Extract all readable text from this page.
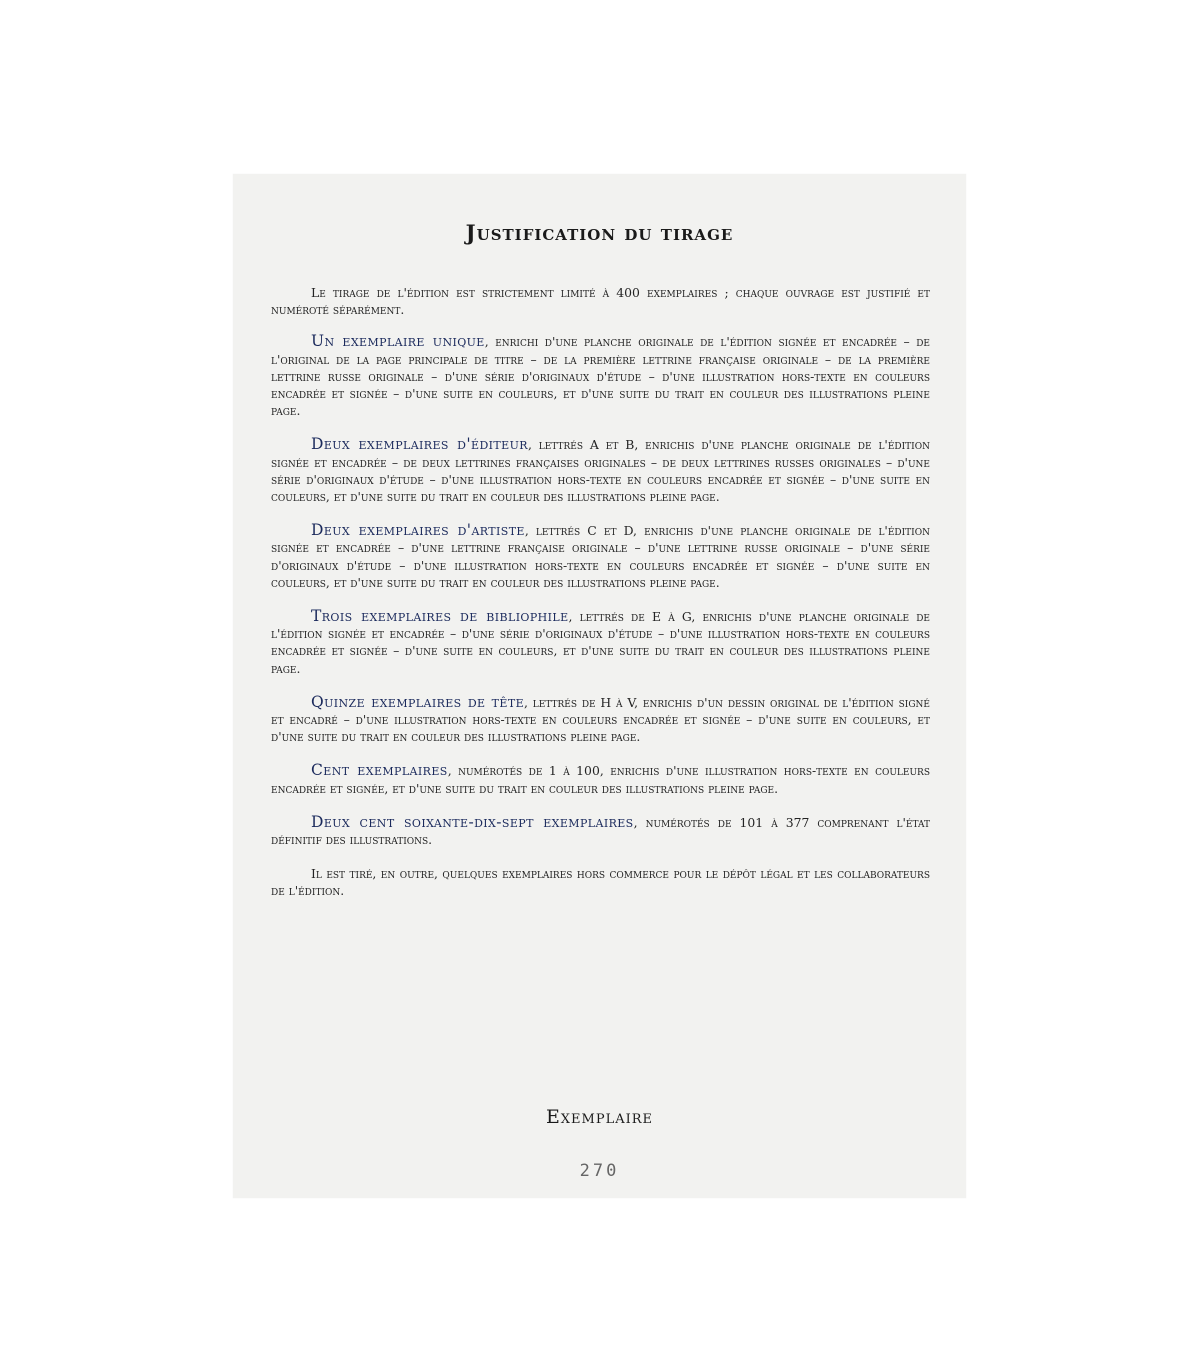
Justification du tirage

Le tirage de l'édition est strictement limité à 400 exemplaires ; chaque ouvrage est justifié et numéroté séparément.

Un exemplaire unique, enrichi d'une planche originale de l'édition signée et encadrée – de l'original de la page principale de titre – de la première lettrine française originale – de la première lettrine russe originale – d'une série d'originaux d'étude – d'une illustration hors-texte en couleurs encadrée et signée – d'une suite en couleurs, et d'une suite du trait en couleur des illustrations pleine page.

Deux exemplaires d'éditeur, lettrés A et B, enrichis d'une planche originale de l'édition signée et encadrée – de deux lettrines françaises originales – de deux lettrines russes originales – d'une série d'originaux d'étude – d'une illustration hors-texte en couleurs encadrée et signée – d'une suite en couleurs, et d'une suite du trait en couleur des illustrations pleine page.

Deux exemplaires d'artiste, lettrés C et D, enrichis d'une planche originale de l'édition signée et encadrée – d'une lettrine française originale – d'une lettrine russe originale – d'une série d'originaux d'étude – d'une illustration hors-texte en couleurs encadrée et signée – d'une suite en couleurs, et d'une suite du trait en couleur des illustrations pleine page.

Trois exemplaires de bibliophile, lettrés de E à G, enrichis d'une planche originale de l'édition signée et encadrée – d'une série d'originaux d'étude – d'une illustration hors-texte en couleurs encadrée et signée – d'une suite en couleurs, et d'une suite du trait en couleur des illustrations pleine page.

Quinze exemplaires de tête, lettrés de H à V, enrichis d'un dessin original de l'édition signé et encadré – d'une illustration hors-texte en couleurs encadrée et signée – d'une suite en couleurs, et d'une suite du trait en couleur des illustrations pleine page.

Cent exemplaires, numérotés de 1 à 100, enrichis d'une illustration hors-texte en couleurs encadrée et signée, et d'une suite du trait en couleur des illustrations pleine page.

Deux cent soixante-dix-sept exemplaires, numérotés de 101 à 377 comprenant l'état définitif des illustrations.

Il est tiré, en outre, quelques exemplaires hors commerce pour le dépôt légal et les collaborateurs de l'édition.

Exemplaire
270
